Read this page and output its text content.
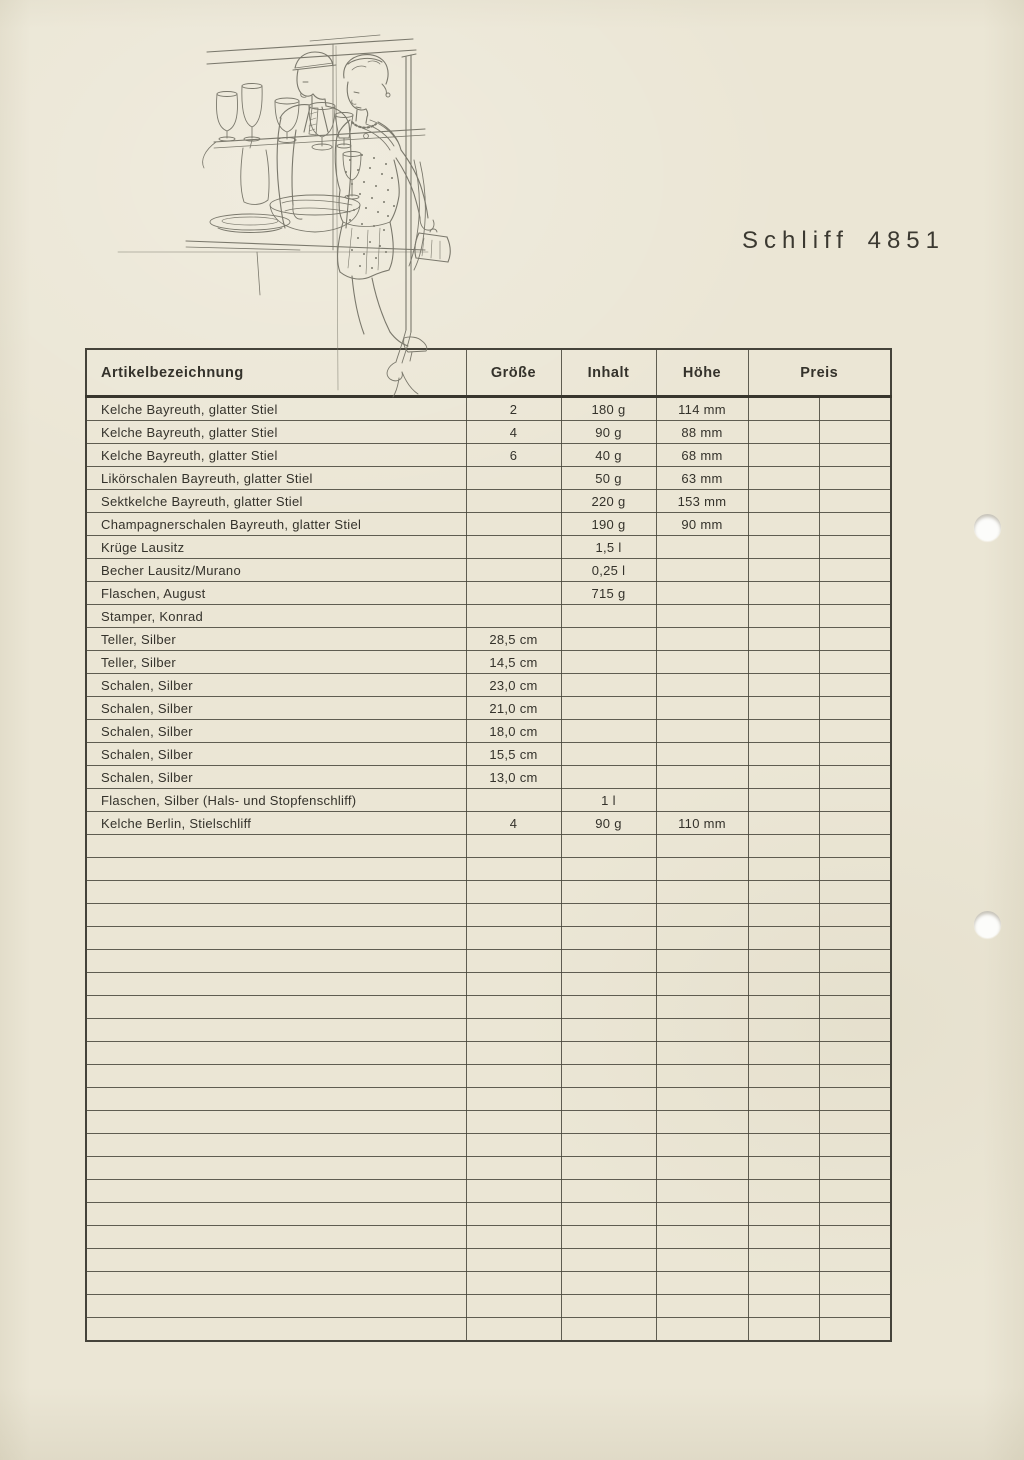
Schliff 4851
Artikelbezeichnung	Größe	Inhalt	Höhe	Preis	
Kelche Bayreuth, glatter Stiel	2	180 g	114 mm		
Kelche Bayreuth, glatter Stiel	4	90 g	88 mm		
Kelche Bayreuth, glatter Stiel	6	40 g	68 mm		
Likörschalen Bayreuth, glatter Stiel		50 g	63 mm		
Sektkelche Bayreuth, glatter Stiel		220 g	153 mm		
Champagnerschalen Bayreuth, glatter Stiel		190 g	90 mm		
Krüge Lausitz		1,5 l			
Becher Lausitz/Murano		0,25 l			
Flaschen, August		715 g			
Stamper, Konrad					
Teller, Silber	28,5 cm				
Teller, Silber	14,5 cm				
Schalen, Silber	23,0 cm				
Schalen, Silber	21,0 cm				
Schalen, Silber	18,0 cm				
Schalen, Silber	15,5 cm				
Schalen, Silber	13,0 cm				
Flaschen, Silber (Hals- und Stopfenschliff)		1 l			
Kelche Berlin, Stielschliff	4	90 g	110 mm		
